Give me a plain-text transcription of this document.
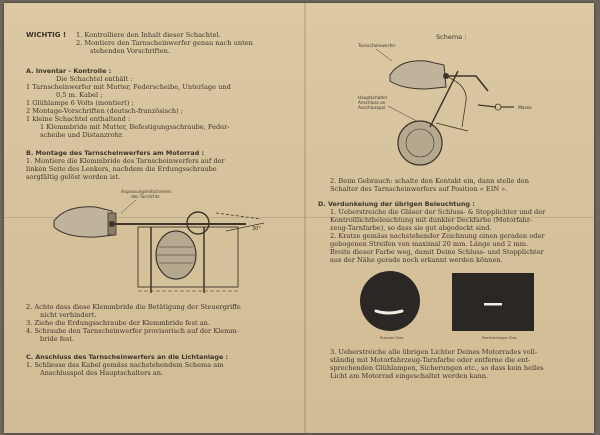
WICHTIG !	1. Kontrolliere den Inhalt dieser Schachtel.

2. Montiere den Tarnscheinwerfer genau nach unten

stehenden Vorschriften.

A. Inventar - Kontrolle :

Die Schachtel enthält :

1 Tarnscheinwerfer mit Mutter, Federscheibe, Unterlage und

0,5 m. Kabel ;

1 Glühlampe 6 Volts (montiert) ;

2 Montage-Vorschriften (deutsch-französisch) ;

1 kleine Schachtel enthaltend :

1 Klemmbride mit Mutter, Befestigungsschraube, Feder-

scheibe und Distanzrohr.

B. Montage des Tarnscheinwerfers am Motorrad :

1. Montiere die Klemmbride des Tarnscheinwerfers auf der

linken Seite des Lenkers, nachdem die Erdungsschraube

sorgfältig gelöst worden ist.

Anpassungsleitschienen
des Tarnlichts
30°

2. Achte dass diese Klemmbride die Betätigung der Steuergriffe

nicht verhindert.

3. Ziehe die Erdungsschraube der Klemmbride fest an.

4. Schraube den Tarnscheinwerfer provisorisch auf der Klemm-

bride fest.

C. Anschluss des Tarnscheinwerfers an die Lichtanlage :

1. Schliesse das Kabel gemäss nachstehendem Schema am

Anschlusspol des Hauptschalters an.

Schema :
Tarnscheinwerfer
Hauptschalter
Anschluss an
Anschlusspol	Masse

2. Beim Gebrauch: schalte den Kontakt ein, dann stelle den

Schalter des Tarnscheinwerfers auf Position « EIN ».

D. Verdunkelung der übrigen Beleuchtung :

1. Ueberstreiche die Gläser der Schluss- & Stopplichter und der

Kontrolllichtbeleuchtung mit dunkler Deckfarbe (Motorfahr-

zeug-Tarnfarbe), so dass sie gut abgedeckt sind.

2. Kratze gemäss nachstehender Zeichnung einen geraden oder

gebogenen Streifen von maximal 20 mm. Länge und 2 mm.

Breite dieser Farbe weg, damit Deine Schluss- und Stopplichter

aus der Nähe gerade noch erkannt werden können.

Rundes Glas	Rechteckiges Glas

3. Ueberstreiche alle übrigen Lichter Deines Motorrades voll-

ständig mit Motorfahrzeug-Tarnfarbe oder entferne die ent-

sprechenden Glühlampen, Sicherungen etc., so dass kein helles

Licht am Motorrad eingeschaltet werden kann.
